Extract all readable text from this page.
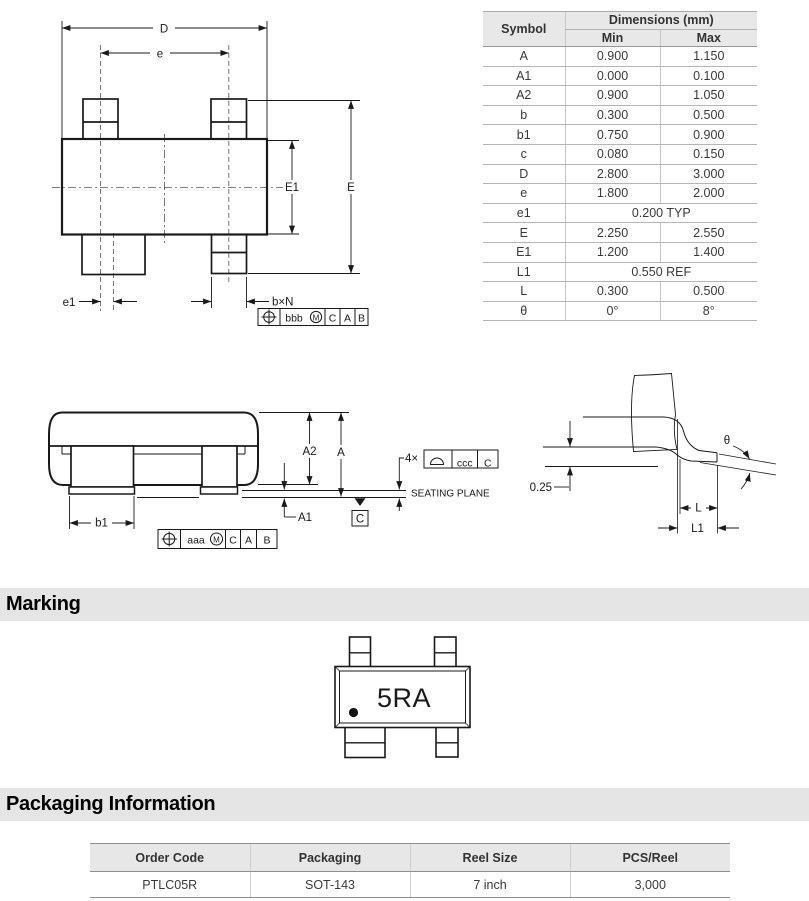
D
e
E1	E
e1	b×N
bbb M C A B
Symbol	Dimensions (mm)	
	Min	Max
A	0.900	1.150
A1	0.000	0.100
A2	0.900	1.050
b	0.300	0.500
b1	0.750	0.900
c	0.080	0.150
D	2.800	3.000
e	1.800	2.000
e1	0.200 TYP	
E	2.250	2.550
E1	1.200	1.400
L1	0.550 REF	
L	0.300	0.500
θ	0°	8°
A2 A
A1	C
4×	ccc C
SEATING PLANE
b1
aaa M C A B
0.25
L
L1
θ
Marking
5RA
Packaging Information
Order Code	Packaging	Reel Size	PCS/Reel
PTLC05R	SOT-143	7 inch	3,000
